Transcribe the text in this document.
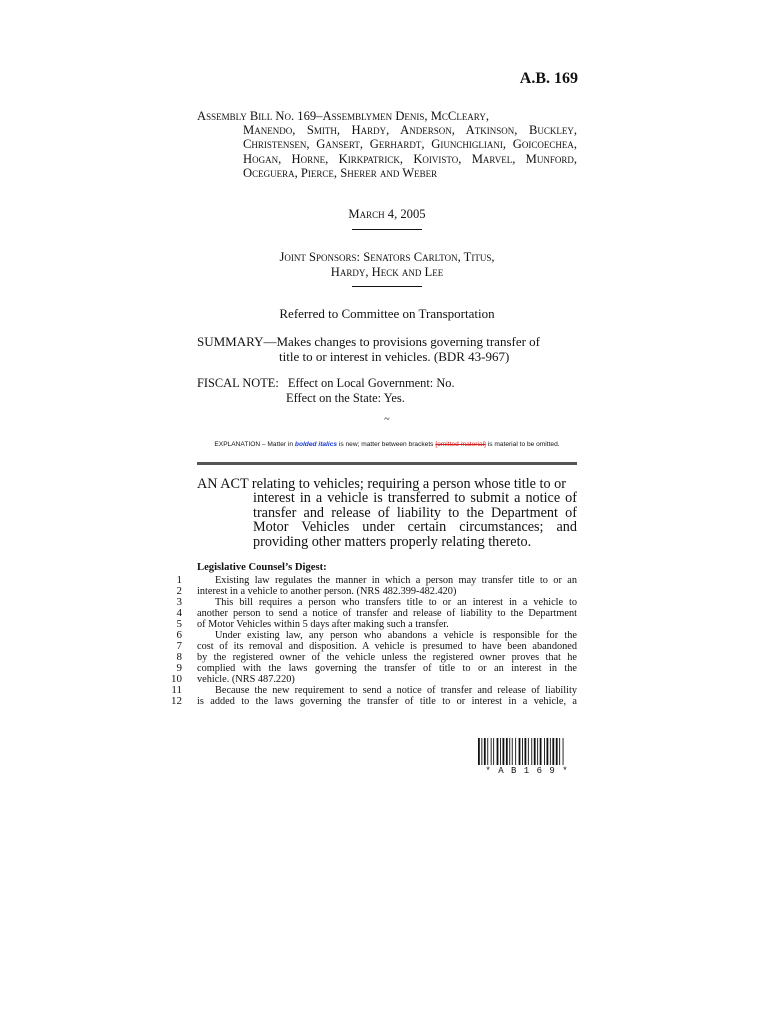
A.B. 169
Assembly Bill No. 169–Assemblymen Denis, McCleary,
Manendo, Smith, Hardy, Anderson, Atkinson, Buckley, Christensen, Gansert, Gerhardt, Giunchigliani, Goicoechea, Hogan, Horne, Kirkpatrick, Koivisto, Marvel, Munford, Oceguera, Pierce, Sherer and Weber
March 4, 2005
Joint Sponsors: Senators Carlton, Titus,
Hardy, Heck and Lee
Referred to Committee on Transportation
SUMMARY—Makes changes to provisions governing transfer of
title to or interest in vehicles. (BDR 43-967)
FISCAL NOTE: Effect on Local Government: No.
Effect on the State: Yes.
~
EXPLANATION – Matter in bolded italics is new; matter between brackets [omitted material] is material to be omitted.
AN ACT relating to vehicles; requiring a person whose title to or
interest in a vehicle is transferred to submit a notice of transfer and release of liability to the Department of Motor Vehicles under certain circumstances; and providing other matters properly relating thereto.
Legislative Counsel’s Digest:
1
2
3
4
5
6
7
8
9
10
11
12
Existing law regulates the manner in which a person may transfer title to or an
interest in a vehicle to another person. (NRS 482.399-482.420)
This bill requires a person who transfers title to or an interest in a vehicle to
another person to send a notice of transfer and release of liability to the Department
of Motor Vehicles within 5 days after making such a transfer.
Under existing law, any person who abandons a vehicle is responsible for the
cost of its removal and disposition. A vehicle is presumed to have been abandoned
by the registered owner of the vehicle unless the registered owner proves that he
complied with the laws governing the transfer of title to or an interest in the
vehicle. (NRS 487.220)
Because the new requirement to send a notice of transfer and release of liability
is added to the laws governing the transfer of title to or interest in a vehicle, a
* A B 1 6 9 *
